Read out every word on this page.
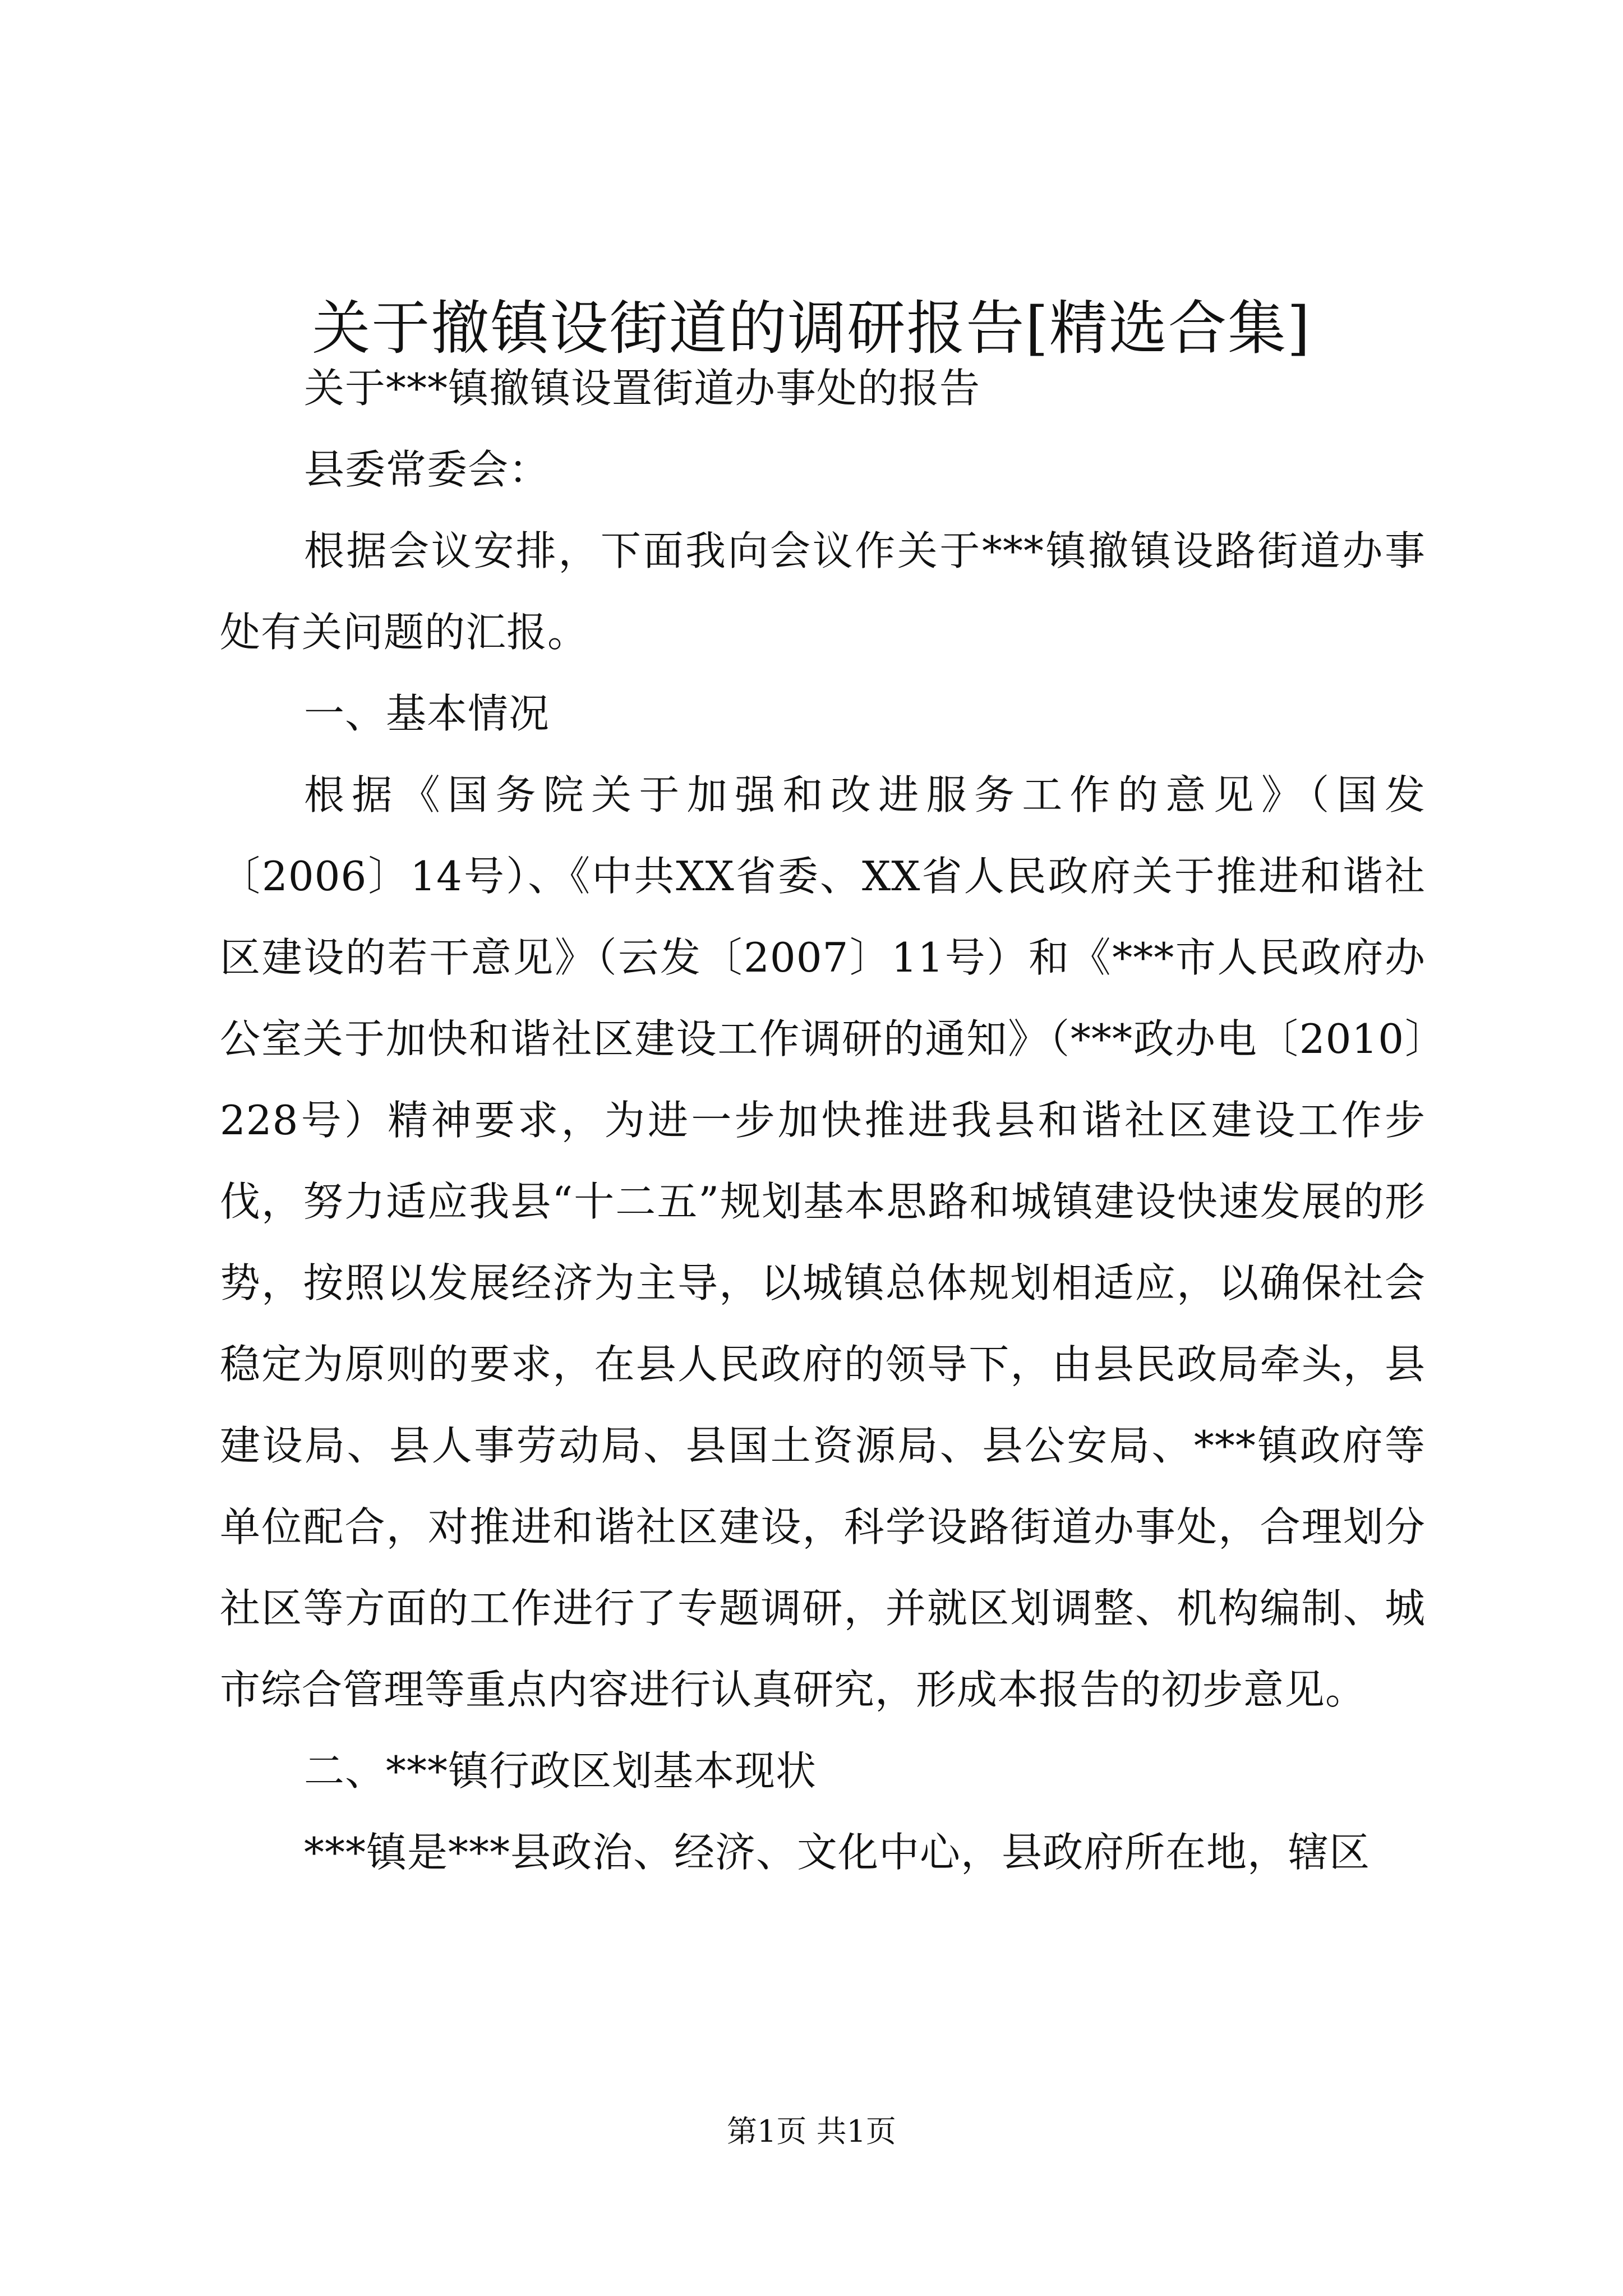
关于撤镇设街道的调研报告[精选合集]

关于***镇撤镇设置街道办事处的报告

县委常委会：

根据会议安排，下面我向会议作关于***镇撤镇设路街道办事处有关问题的汇报。

一、基本情况

根据《国务院关于加强和改进服务工作的意见》（国发〔2006〕14号）、《中共XX省委、XX省人民政府关于推进和谐社区建设的若干意见》（云发〔2007〕11号）和《***市人民政府办公室关于加快和谐社区建设工作调研的通知》（***政办电〔2010〕228号）精神要求，为进一步加快推进我县和谐社区建设工作步伐，努力适应我县“十二五”规划基本思路和城镇建设快速发展的形势，按照以发展经济为主导，以城镇总体规划相适应，以确保社会稳定为原则的要求，在县人民政府的领导下，由县民政局牵头，县建设局、县人事劳动局、县国土资源局、县公安局、***镇政府等单位配合，对推进和谐社区建设，科学设路街道办事处，合理划分社区等方面的工作进行了专题调研，并就区划调整、机构编制、城市综合管理等重点内容进行认真研究，形成本报告的初步意见。

二、***镇行政区划基本现状

***镇是***县政治、经济、文化中心，县政府所在地，辖区

第1页 共1页
